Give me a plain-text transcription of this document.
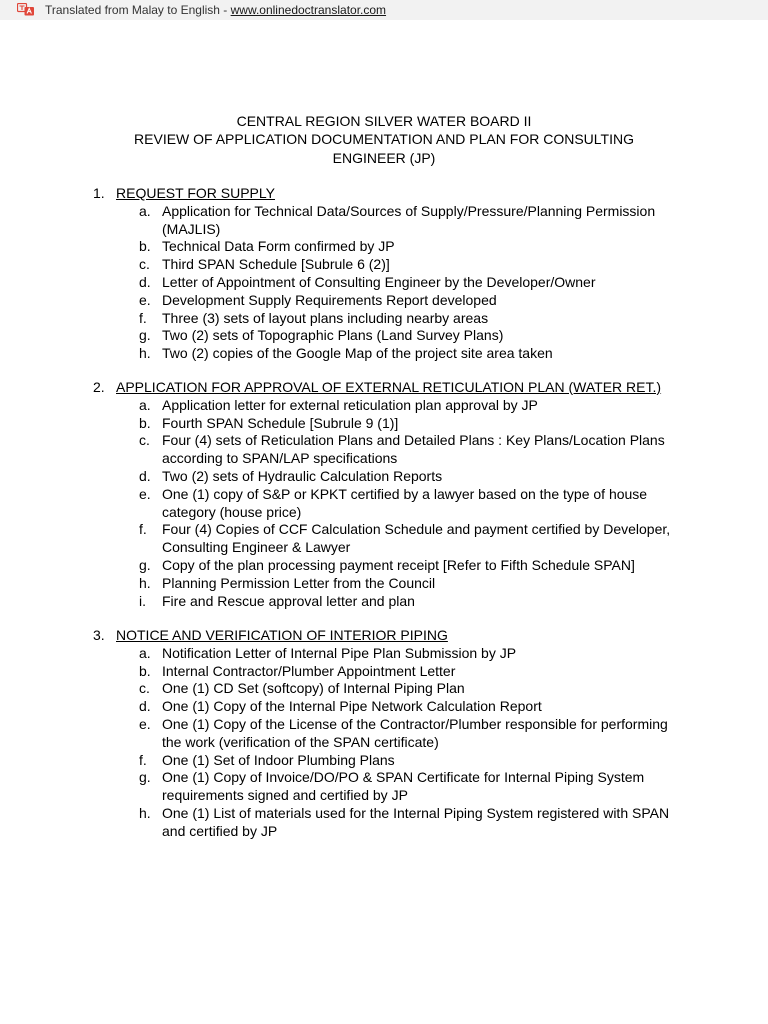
Translated from Malay to English - www.onlinedoctranslator.com
CENTRAL REGION SILVER WATER BOARD II
REVIEW OF APPLICATION DOCUMENTATION AND PLAN FOR CONSULTING
ENGINEER (JP)
1. REQUEST FOR SUPPLY
a. Application for Technical Data/Sources of Supply/Pressure/Planning Permission (MAJLIS)
b. Technical Data Form confirmed by JP
c. Third SPAN Schedule [Subrule 6 (2)]
d. Letter of Appointment of Consulting Engineer by the Developer/Owner
e. Development Supply Requirements Report developed
f. Three (3) sets of layout plans including nearby areas
g. Two (2) sets of Topographic Plans (Land Survey Plans)
h. Two (2) copies of the Google Map of the project site area taken
2. APPLICATION FOR APPROVAL OF EXTERNAL RETICULATION PLAN (WATER RET.)
a. Application letter for external reticulation plan approval by JP
b. Fourth SPAN Schedule [Subrule 9 (1)]
c. Four (4) sets of Reticulation Plans and Detailed Plans : Key Plans/Location Plans according to SPAN/LAP specifications
d. Two (2) sets of Hydraulic Calculation Reports
e. One (1) copy of S&P or KPKT certified by a lawyer based on the type of house category (house price)
f. Four (4) Copies of CCF Calculation Schedule and payment certified by Developer, Consulting Engineer & Lawyer
g. Copy of the plan processing payment receipt [Refer to Fifth Schedule SPAN]
h. Planning Permission Letter from the Council
i. Fire and Rescue approval letter and plan
3. NOTICE AND VERIFICATION OF INTERIOR PIPING
a. Notification Letter of Internal Pipe Plan Submission by JP
b. Internal Contractor/Plumber Appointment Letter
c. One (1) CD Set (softcopy) of Internal Piping Plan
d. One (1) Copy of the Internal Pipe Network Calculation Report
e. One (1) Copy of the License of the Contractor/Plumber responsible for performing the work (verification of the SPAN certificate)
f. One (1) Set of Indoor Plumbing Plans
g. One (1) Copy of Invoice/DO/PO & SPAN Certificate for Internal Piping System requirements signed and certified by JP
h. One (1) List of materials used for the Internal Piping System registered with SPAN and certified by JP
